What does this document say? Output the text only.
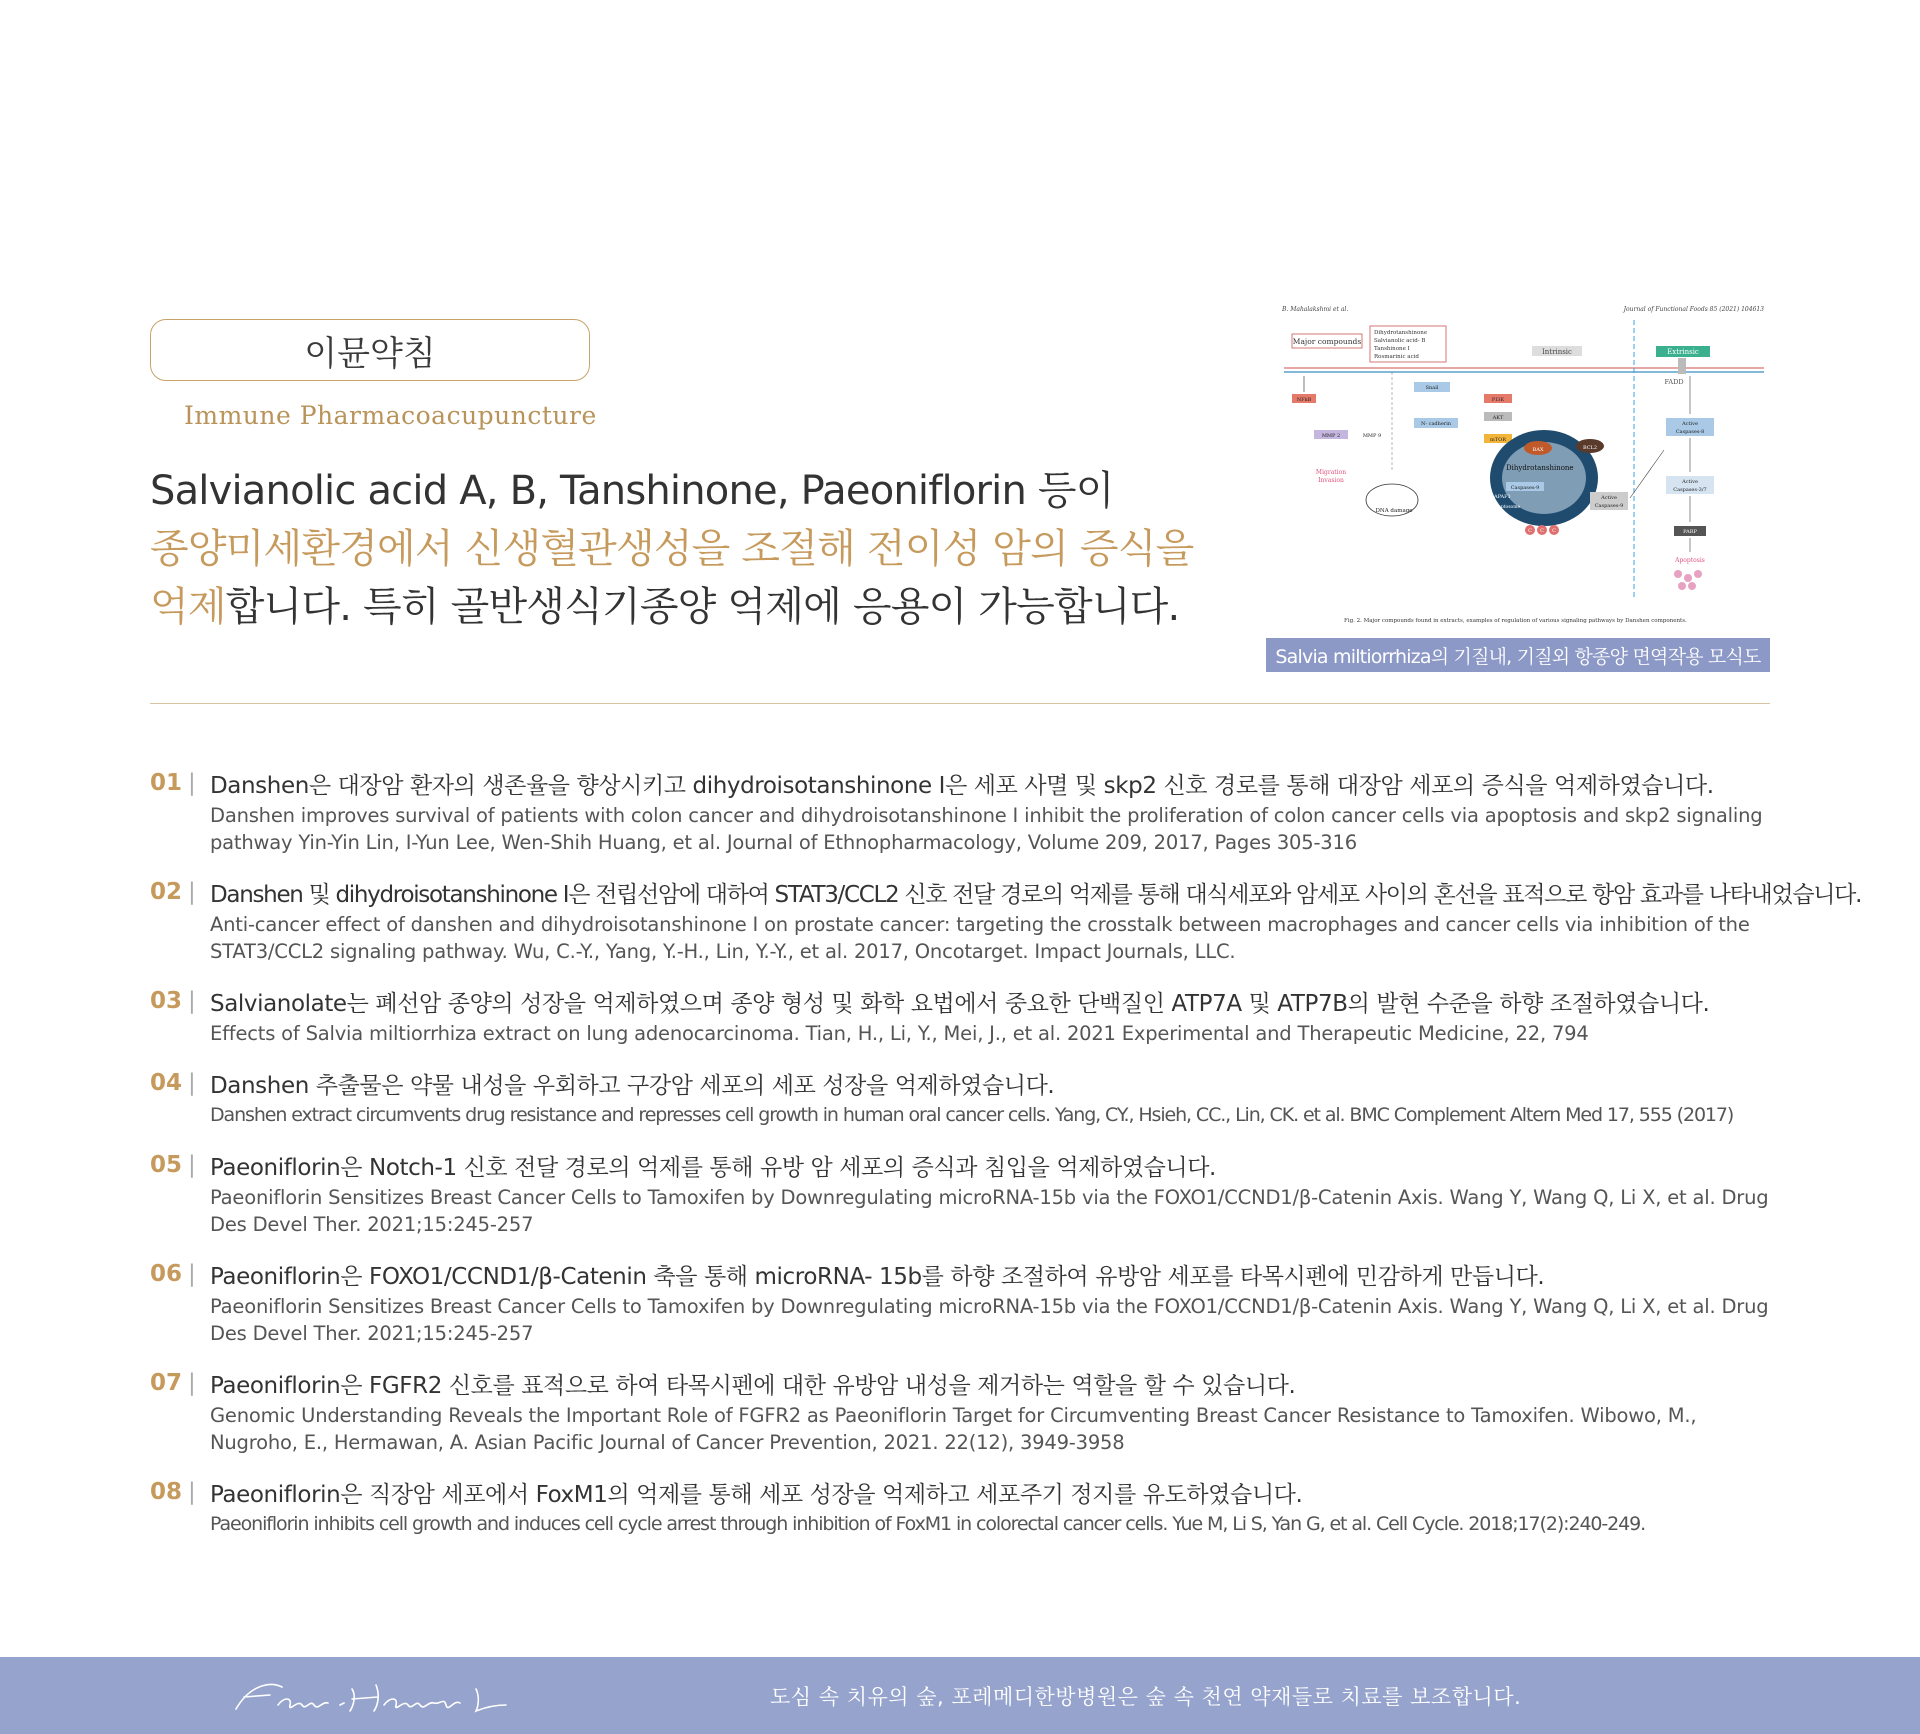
이뮨약침
Immune Pharmacoacupuncture

Salvianolic acid A, B, Tanshinone, Paeoniflorin 등이

종양미세환경에서 신생혈관생성을 조절해 전이성 암의 증식을

억제합니다. 특히 골반생식기종양 억제에 응용이 가능합니다.

B. Mahalakshmi et al.	Journal of Functional Foods 85 (2021) 104613
Major compounds
Dihydrotanshinone
Salvianolic acid- B
Tanshinone I
Rosmarinic acid
Intrinsic	Extrinsic
FADD
NFkB
Snail
N- cadherin
PI3K
AKT
mTOR
MMP 2	MMP 9
Migration
Invasion
DNA damage
BAX	BCL2
Dihydrotanshinone
Caspases-9
APAF1
Apoptosome
C C C
Active
Caspases-9
Active
Caspases-8
Active
Caspases-3/7
PARP
Apoptosis
Fig. 2. Major compounds found in extracts, examples of regulation of various signaling pathways by Danshen components.
Salvia miltiorrhiza의 기질내, 기질외 항종양 면역작용 모식도
01 | Danshen은 대장암 환자의 생존율을 향상시키고 dihydroisotanshinone I은 세포 사멸 및 skp2 신호 경로를 통해 대장암 세포의 증식을 억제하였습니다.
Danshen improves survival of patients with colon cancer and dihydroisotanshinone I inhibit the proliferation of colon cancer cells via apoptosis and skp2 signaling pathway Yin-Yin Lin, I-Yun Lee, Wen-Shih Huang, et al. Journal of Ethnopharmacology, Volume 209, 2017, Pages 305-316
02 | Danshen 및 dihydroisotanshinone I은 전립선암에 대하여 STAT3/CCL2 신호 전달 경로의 억제를 통해 대식세포와 암세포 사이의 혼선을 표적으로 항암 효과를 나타내었습니다.
Anti-cancer effect of danshen and dihydroisotanshinone I on prostate cancer: targeting the crosstalk between macrophages and cancer cells via inhibition of the STAT3/CCL2 signaling pathway. Wu, C.-Y., Yang, Y.-H., Lin, Y.-Y., et al. 2017, Oncotarget. Impact Journals, LLC.
03 | Salvianolate는 폐선암 종양의 성장을 억제하였으며 종양 형성 및 화학 요법에서 중요한 단백질인 ATP7A 및 ATP7B의 발현 수준을 하향 조절하였습니다.
Effects of Salvia miltiorrhiza extract on lung adenocarcinoma. Tian, H., Li, Y., Mei, J., et al. 2021 Experimental and Therapeutic Medicine, 22, 794
04 | Danshen 추출물은 약물 내성을 우회하고 구강암 세포의 세포 성장을 억제하였습니다.
Danshen extract circumvents drug resistance and represses cell growth in human oral cancer cells. Yang, CY., Hsieh, CC., Lin, CK. et al. BMC Complement Altern Med 17, 555 (2017)
05 | Paeoniflorin은 Notch-1 신호 전달 경로의 억제를 통해 유방 암 세포의 증식과 침입을 억제하였습니다.
Paeoniflorin Sensitizes Breast Cancer Cells to Tamoxifen by Downregulating microRNA-15b via the FOXO1/CCND1/β-Catenin Axis. Wang Y, Wang Q, Li X, et al. Drug Des Devel Ther. 2021;15:245-257
06 | Paeoniflorin은 FOXO1/CCND1/β-Catenin 축을 통해 microRNA- 15b를 하향 조절하여 유방암 세포를 타목시펜에 민감하게 만듭니다.
Paeoniflorin Sensitizes Breast Cancer Cells to Tamoxifen by Downregulating microRNA-15b via the FOXO1/CCND1/β-Catenin Axis. Wang Y, Wang Q, Li X, et al. Drug Des Devel Ther. 2021;15:245-257
07 | Paeoniflorin은 FGFR2 신호를 표적으로 하여 타목시펜에 대한 유방암 내성을 제거하는 역할을 할 수 있습니다.
Genomic Understanding Reveals the Important Role of FGFR2 as Paeoniflorin Target for Circumventing Breast Cancer Resistance to Tamoxifen. Wibowo, M., Nugroho, E., Hermawan, A. Asian Pacific Journal of Cancer Prevention, 2021. 22(12), 3949-3958
08 | Paeoniflorin은 직장암 세포에서 FoxM1의 억제를 통해 세포 성장을 억제하고 세포주기 정지를 유도하였습니다.
Paeoniflorin inhibits cell growth and induces cell cycle arrest through inhibition of FoxM1 in colorectal cancer cells. Yue M, Li S, Yan G, et al. Cell Cycle. 2018;17(2):240-249.
도심 속 치유의 숲, 포레메디한방병원은 숲 속 천연 약재들로 치료를 보조합니다.
